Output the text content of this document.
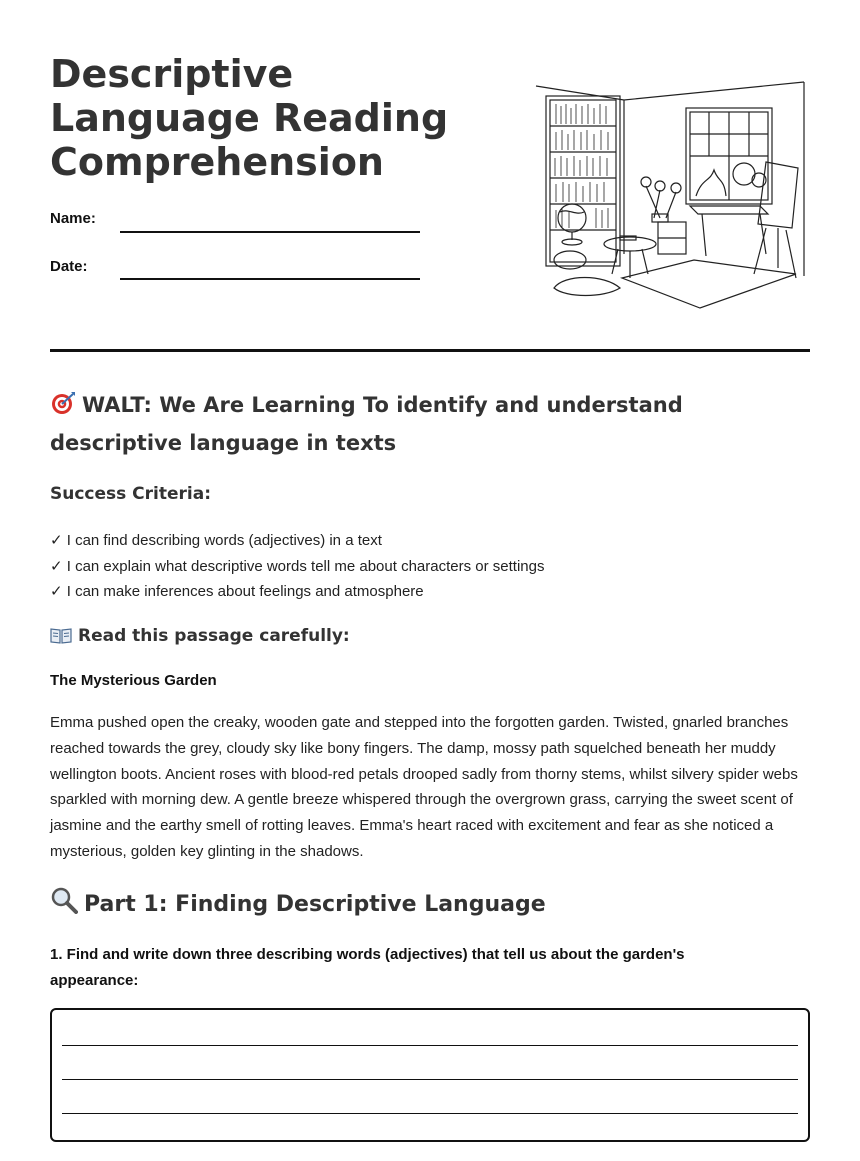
Descriptive Language Reading Comprehension
Name:
Date:
WALT: We Are Learning To identify and understand descriptive language in texts
Success Criteria:
✓ I can find describing words (adjectives) in a text
✓ I can explain what descriptive words tell me about characters or settings
✓ I can make inferences about feelings and atmosphere
Read this passage carefully:
The Mysterious Garden

Emma pushed open the creaky, wooden gate and stepped into the forgotten garden. Twisted, gnarled branches reached towards the grey, cloudy sky like bony fingers. The damp, mossy path squelched beneath her muddy wellington boots. Ancient roses with blood-red petals drooped sadly from thorny stems, whilst silvery spider webs sparkled with morning dew. A gentle breeze whispered through the overgrown grass, carrying the sweet scent of jasmine and the earthy smell of rotting leaves. Emma's heart raced with excitement and fear as she noticed a mysterious, golden key glinting in the shadows.

Part 1: Finding Descriptive Language

1. Find and write down three describing words (adjectives) that tell us about the garden's appearance:
